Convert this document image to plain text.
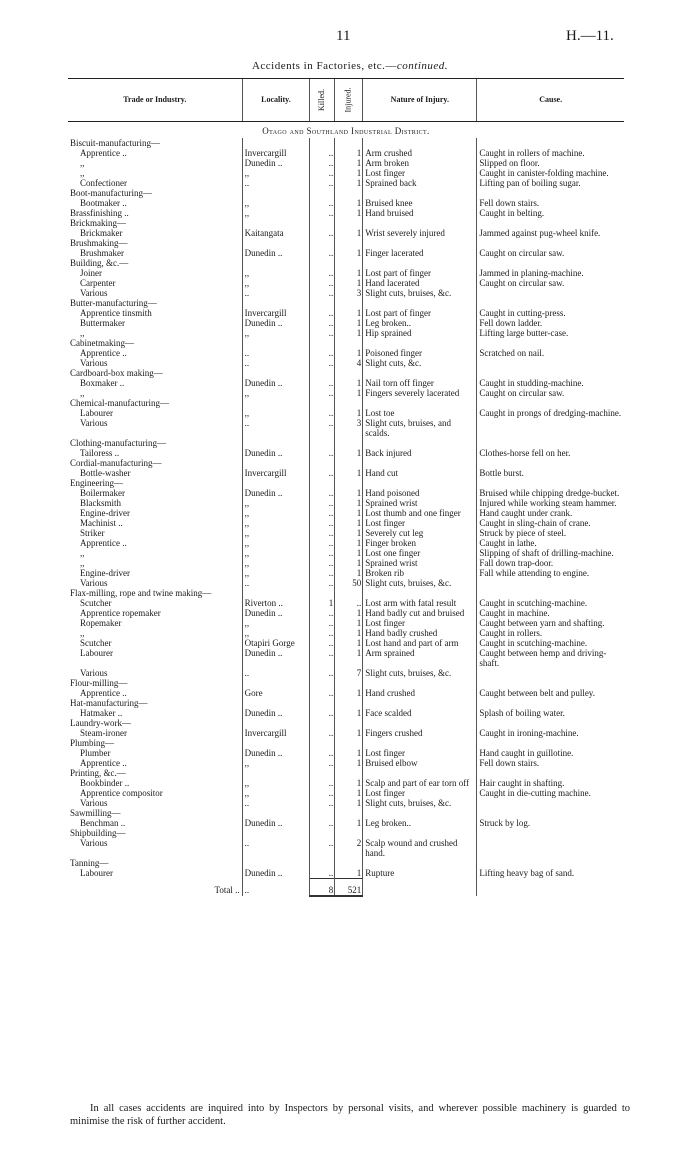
11	H.—11.
Accidents in Factories, etc.—continued.
Trade or Industry.	Locality.	Killed.	Injured.	Nature of Injury.	Cause.
Otago and Southland Industrial District.					
Biscuit-manufacturing—					
Apprentice ..	Invercargill	..	1	Arm crushed	Caught in rollers of machine.
,,	Dunedin ..	..	1	Arm broken	Slipped on floor.
,,	,,	..	1	Lost finger	Caught in canister-folding machine.
Confectioner	..	..	1	Sprained back	Lifting pan of boiling sugar.
Boot-manufacturing—					
Bootmaker ..	,,	..	1	Bruised knee	Fell down stairs.
Brassfinishing ..	,,	..	1	Hand bruised	Caught in belting.
Brickmaking—					
Brickmaker	Kaitangata	..	1	Wrist severely injured	Jammed against pug-wheel knife.
Brushmaking—					
Brushmaker	Dunedin ..	..	1	Finger lacerated	Caught on circular saw.
Building, &c.—					
Joiner	,,	..	1	Lost part of finger	Jammed in planing-machine.
Carpenter	,,	..	1	Hand lacerated	Caught on circular saw.
Various	..	..	3	Slight cuts, bruises, &c.	
Butter-manufacturing—					
Apprentice tinsmith	Invercargill	..	1	Lost part of finger	Caught in cutting-press.
Buttermaker	Dunedin ..	..	1	Leg broken..	Fell down ladder.
,,	,,	..	1	Hip sprained	Lifting large butter-case.
Cabinetmaking—					
Apprentice ..	..	..	1	Poisoned finger	Scratched on nail.
Various	..	..	4	Slight cuts, &c.	
Cardboard-box making—					
Boxmaker ..	Dunedin ..	..	1	Nail torn off finger	Caught in studding-machine.
,,	,,	..	1	Fingers severely lacerated	Caught on circular saw.
Chemical-manufacturing—					
Labourer	,,	..	1	Lost toe	Caught in prongs of dredging-machine.
Various	..	..	3	Slight cuts, bruises, and scalds.	
Clothing-manufacturing—					
Tailoress ..	Dunedin ..	..	1	Back injured	Clothes-horse fell on her.
Cordial-manufacturing—					
Bottle-washer	Invercargill	..	1	Hand cut	Bottle burst.
Engineering—					
Boilermaker	Dunedin ..	..	1	Hand poisoned	Bruised while chipping dredge-bucket.
Blacksmith	,,	..	1	Sprained wrist	Injured while working steam hammer.
Engine-driver	,,	..	1	Lost thumb and one finger	Hand caught under crank.
Machinist ..	,,	..	1	Lost finger	Caught in sling-chain of crane.
Striker	,,	..	1	Severely cut leg	Struck by piece of steel.
Apprentice ..	,,	..	1	Finger broken	Caught in lathe.
,,	,,	..	1	Lost one finger	Slipping of shaft of drilling-machine.
,,	,,	..	1	Sprained wrist	Fall down trap-door.
Engine-driver	,,	..	1	Broken rib	Fall while attending to engine.
Various	..	..	50	Slight cuts, bruises, &c.	
Flax-milling, rope and twine making—					
Scutcher	Riverton ..	1	..	Lost arm with fatal result	Caught in scutching-machine.
Apprentice ropemaker	Dunedin ..	..	1	Hand badly cut and bruised	Caught in machine.
Ropemaker	,,	..	1	Lost finger	Caught between yarn and shafting.
,,	,,	..	1	Hand badly crushed	Caught in rollers.
Scutcher	Otapiri Gorge	..	1	Lost hand and part of arm	Caught in scutching-machine.
Labourer	Dunedin ..	..	1	Arm sprained	Caught between hemp and driving-shaft.
Various	..	..	7	Slight cuts, bruises, &c.	
Flour-milling—					
Apprentice ..	Gore	..	1	Hand crushed	Caught between belt and pulley.
Hat-manufacturing—					
Hatmaker ..	Dunedin ..	..	1	Face scalded	Splash of boiling water.
Laundry-work—					
Steam-ironer	Invercargill	..	1	Fingers crushed	Caught in ironing-machine.
Plumbing—					
Plumber	Dunedin ..	..	1	Lost finger	Hand caught in guillotine.
Apprentice ..	,,	..	1	Bruised elbow	Fell down stairs.
Printing, &c.—					
Bookbinder ..	,,	..	1	Scalp and part of ear torn off	Hair caught in shafting.
Apprentice compositor	,,	..	1	Lost finger	Caught in die-cutting machine.
Various	..	..	1	Slight cuts, bruises, &c.	
Sawmilling—					
Benchman ..	Dunedin ..	..	1	Leg broken..	Struck by log.
Shipbuilding—					
Various	..	..	2	Scalp wound and crushed hand.	
Tanning—					
Labourer	Dunedin ..	..	1	Rupture	Lifting heavy bag of sand.
Total ..	..	8	521		
In all cases accidents are inquired into by Inspectors by personal visits, and wherever possible machinery is guarded to minimise the risk of further accident.
